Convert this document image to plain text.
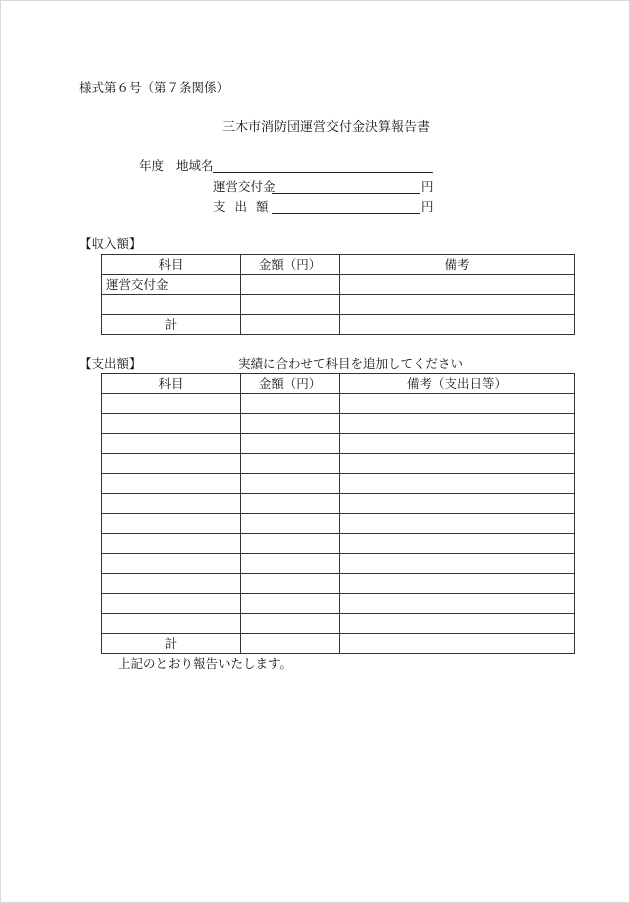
様式第６号（第７条関係）
三木市消防団運営交付金決算報告書
年度 地域名
運営交付金	円
支出額	円
【収入額】
科目	金額（円）	備考
運営交付金		

計		
【支出額】	実績に合わせて科目を追加してください
科目	金額（円）	備考（支出日等）

計		
上記のとおり報告いたします。
